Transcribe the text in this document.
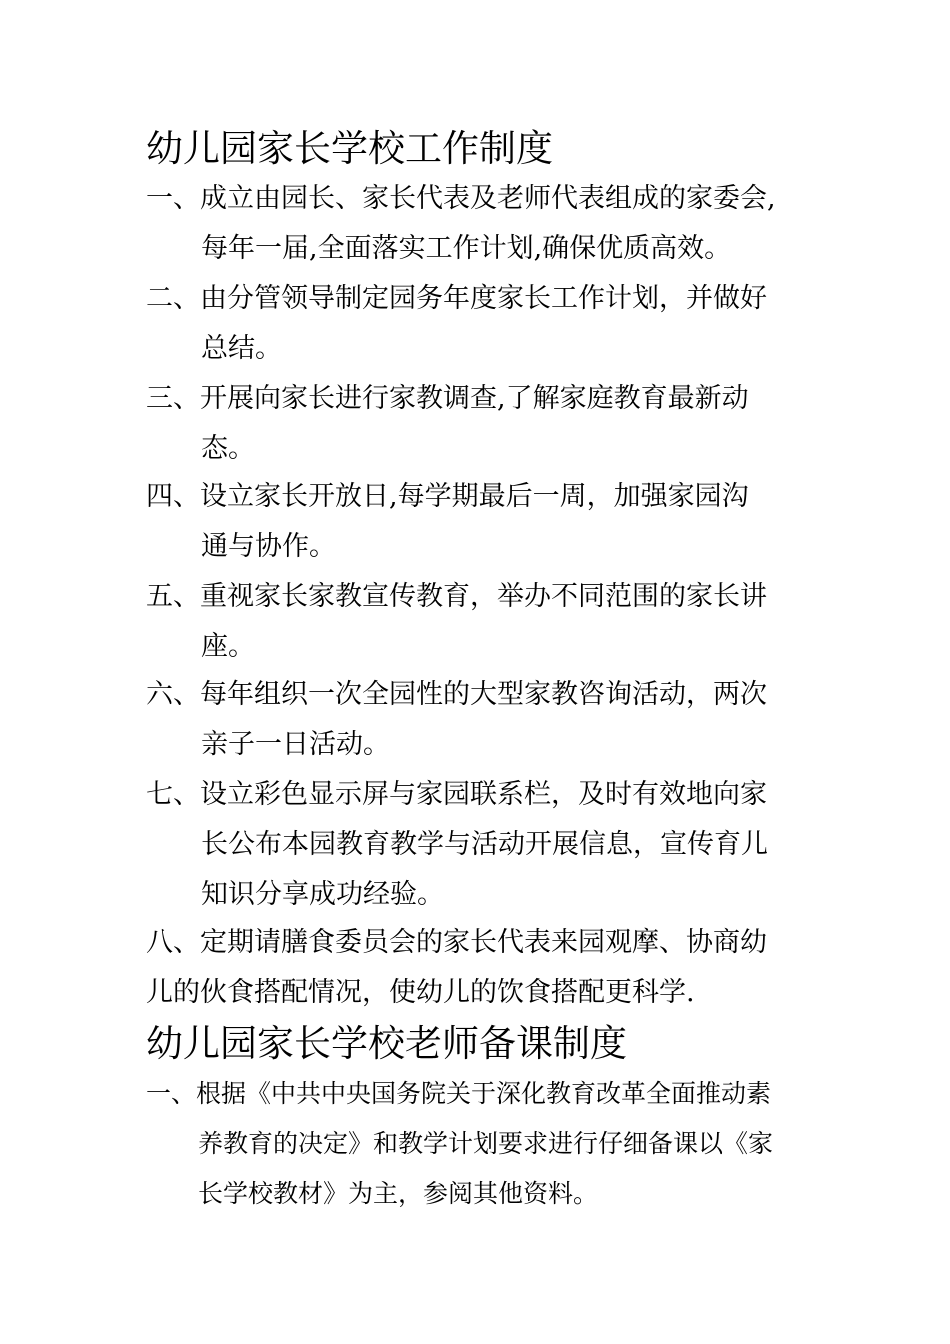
幼儿园家长学校工作制度
一、成立由园长、家长代表及老师代表组成的家委会,
每年一届,全面落实工作计划,确保优质高效。
二、由分管领导制定园务年度家长工作计划，并做好
总结。
三、开展向家长进行家教调查,了解家庭教育最新动
态。
四、设立家长开放日,每学期最后一周，加强家园沟
通与协作。
五、重视家长家教宣传教育，举办不同范围的家长讲
座。
六、每年组织一次全园性的大型家教咨询活动，两次
亲子一日活动。
七、设立彩色显示屏与家园联系栏，及时有效地向家
长公布本园教育教学与活动开展信息，宣传育儿
知识分享成功经验。
八、定期请膳食委员会的家长代表来园观摩、协商幼
儿的伙食搭配情况，使幼儿的饮食搭配更科学.
幼儿园家长学校老师备课制度
一、根据《中共中央国务院关于深化教育改革全面推动素
养教育的决定》和教学计划要求进行仔细备课以《家
长学校教材》为主，参阅其他资料。
